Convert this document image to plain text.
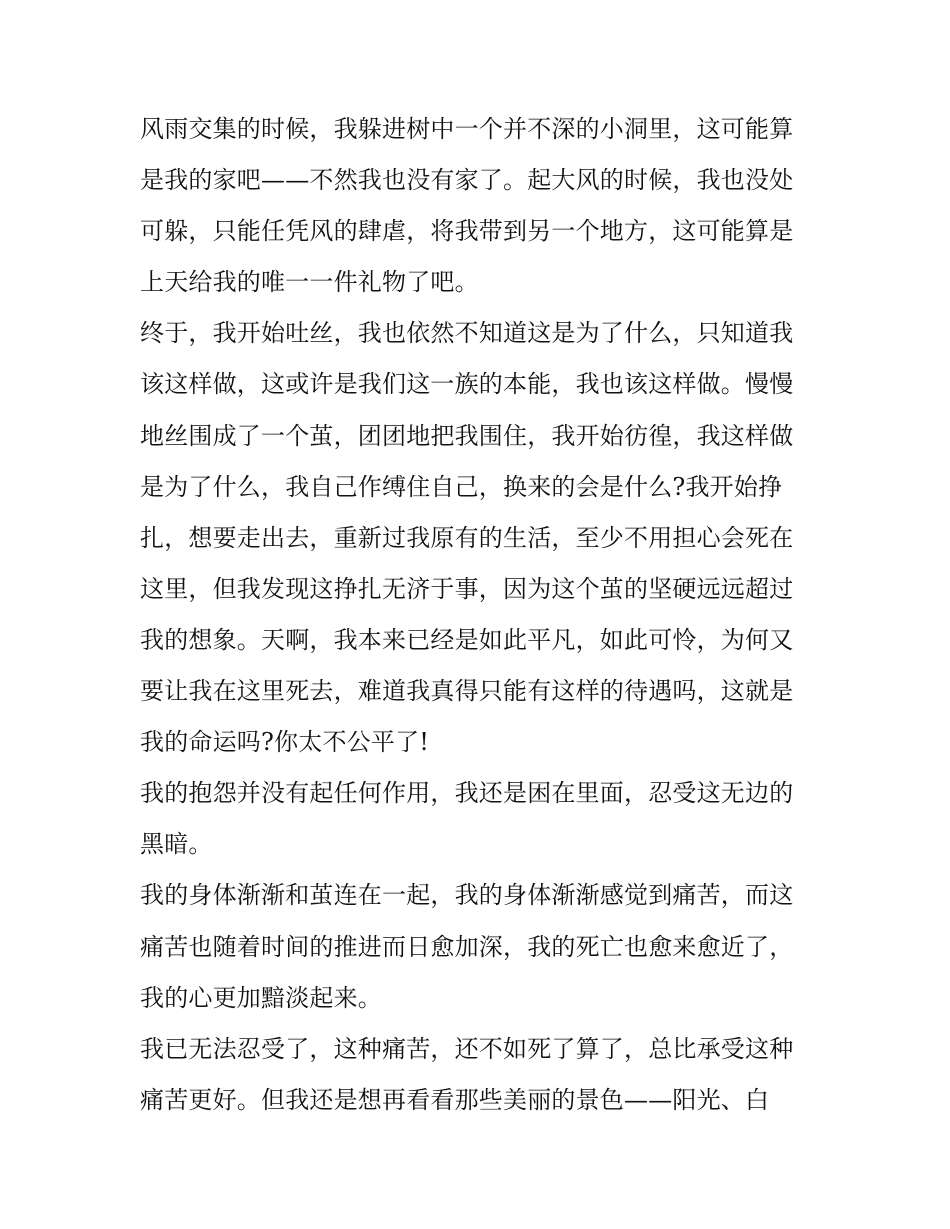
风雨交集的时候，我躲进树中一个并不深的小洞里，这可能算
是我的家吧——不然我也没有家了。起大风的时候，我也没处
可躲，只能任凭风的肆虐，将我带到另一个地方，这可能算是
上天给我的唯一一件礼物了吧。
终于，我开始吐丝，我也依然不知道这是为了什么，只知道我
该这样做，这或许是我们这一族的本能，我也该这样做。慢慢
地丝围成了一个茧，团团地把我围住，我开始彷徨，我这样做
是为了什么，我自己作缚住自己，换来的会是什么?我开始挣
扎，想要走出去，重新过我原有的生活，至少不用担心会死在
这里，但我发现这挣扎无济于事，因为这个茧的坚硬远远超过
我的想象。天啊，我本来已经是如此平凡，如此可怜，为何又
要让我在这里死去，难道我真得只能有这样的待遇吗，这就是
我的命运吗?你太不公平了!
我的抱怨并没有起任何作用，我还是困在里面，忍受这无边的
黑暗。
我的身体渐渐和茧连在一起，我的身体渐渐感觉到痛苦，而这
痛苦也随着时间的推进而日愈加深，我的死亡也愈来愈近了，
我的心更加黯淡起来。
我已无法忍受了，这种痛苦，还不如死了算了，总比承受这种
痛苦更好。但我还是想再看看那些美丽的景色——阳光、白
